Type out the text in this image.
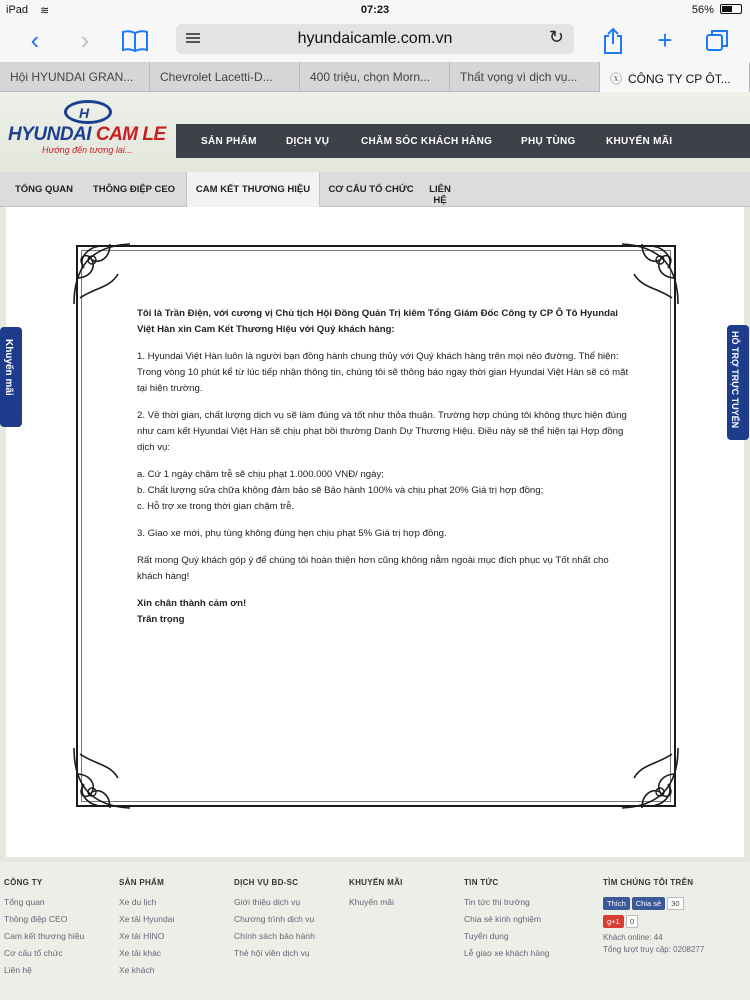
iPad ≋	07:23	56%
‹	›	hyundaicamle.com.vn	↻	+
Hội HYUNDAI GRAN...	Chevrolet Lacetti-D...	400 triệu, chọn Morn...	Thất vọng vì dịch vụ...	ⓧ CÔNG TY CP ÔT...
H
HYUNDAI CAM LE
Hướng đến tương lai...
SẢN PHẨM	DỊCH VỤ	CHĂM SÓC KHÁCH HÀNG	PHỤ TÙNG	KHUYẾN MÃI
TỔNG QUAN	THÔNG ĐIỆP CEO	CAM KẾT THƯƠNG HIỆU	CƠ CẤU TỔ CHỨC	LIÊN HỆ

Tôi là Trần Điện, với cương vị Chủ tịch Hội Đồng Quản Trị kiêm Tổng Giám Đốc Công ty CP Ô Tô Hyundai Việt Hàn xin Cam Kết Thương Hiệu với Quý khách hàng:

1. Hyundai Việt Hàn luôn là người bạn đồng hành chung thủy với Quý khách hàng trên mọi nẻo đường. Thể hiện: Trong vòng 10 phút kể từ lúc tiếp nhận thông tin, chúng tôi sẽ thông báo ngay thời gian Hyundai Việt Hàn sẽ có mặt tại hiện trường.

2. Về thời gian, chất lượng dịch vụ sẽ làm đúng và tốt như thỏa thuận. Trường hợp chúng tôi không thực hiện đúng như cam kết Hyundai Việt Hàn sẽ chịu phạt bồi thường Danh Dự Thương Hiệu. Điều này sẽ thể hiện tại Hợp đồng dịch vụ:

a. Cứ 1 ngày chậm trễ sẽ chịu phạt 1.000.000 VNĐ/ ngày;

b. Chất lượng sửa chữa không đảm bảo sẽ Bảo hành 100% và chịu phạt 20% Giá trị hợp đồng;

c. Hỗ trợ xe trong thời gian chậm trễ.

3. Giao xe mới, phụ tùng không đúng hẹn chịu phạt 5% Giá trị hợp đồng.

Rất mong Quý khách góp ý để chúng tôi hoàn thiện hơn cũng không nằm ngoài mục đích phục vụ Tốt nhất cho khách hàng!

Xin chân thành cảm ơn!

Trân trọng

Khuyến mãi	HỖ TRỢ TRỰC TUYẾN
CÔNG TY
Tổng quan
Thông điệp CEO
Cam kết thương hiệu
Cơ cấu tổ chức
Liên hệ
SẢN PHẨM
Xe du lịch
Xe tải Hyundai
Xe tải HINO
Xe tải khác
Xe khách
DỊCH VỤ BD-SC
Giới thiệu dịch vụ
Chương trình dịch vụ
Chính sách bảo hành
Thẻ hội viên dịch vụ
KHUYẾN MÃI
Khuyến mãi
TIN TỨC
Tin tức thị trường
Chia sẻ kinh nghiệm
Tuyển dụng
Lễ giao xe khách hàng
TÌM CHÚNG TÔI TRÊN
Thích Chia sẻ 30
g+1 0
Khách online: 44
Tổng lượt truy cập: 0208277
